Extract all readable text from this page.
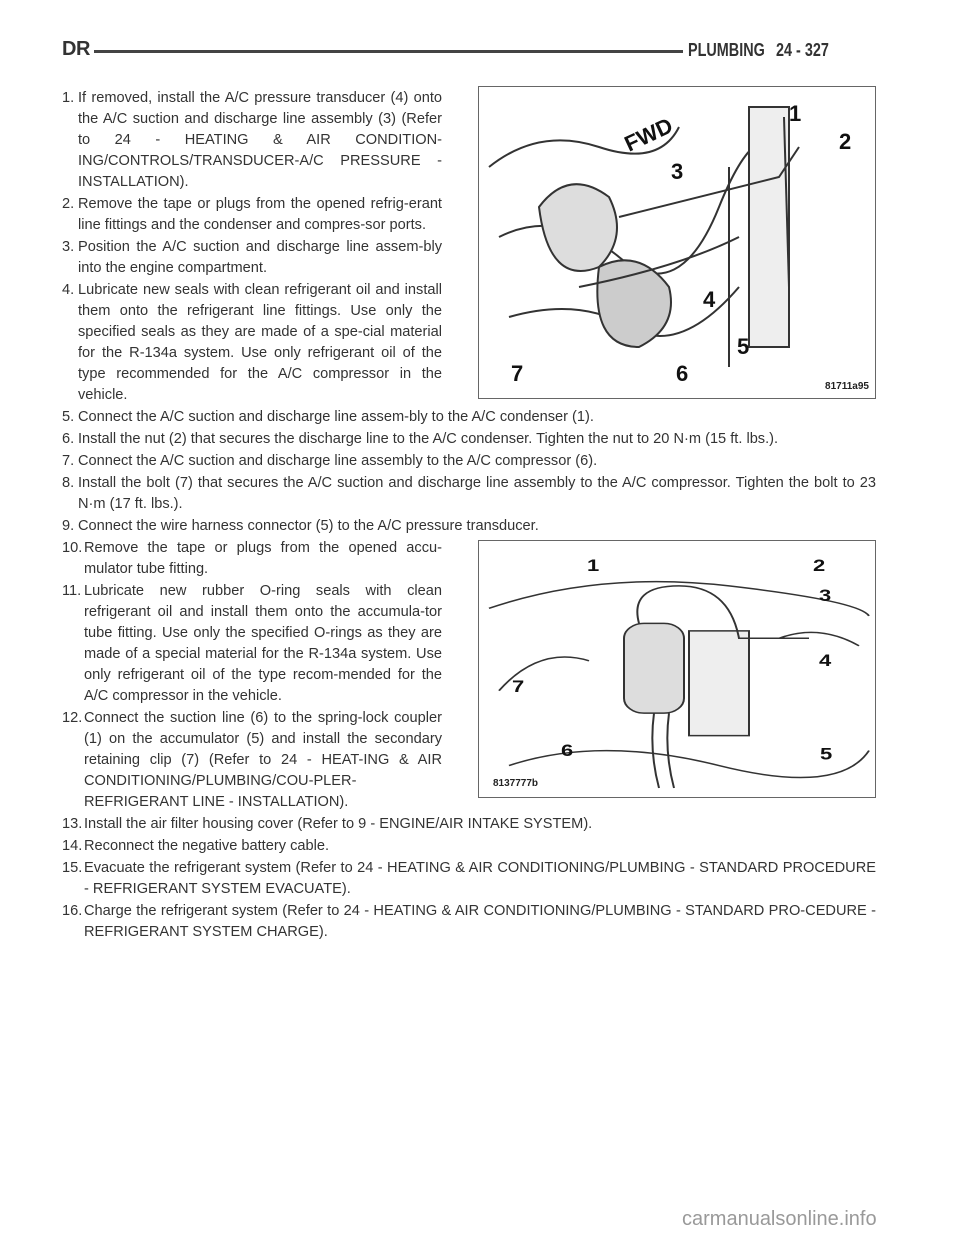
DR	PLUMBING 24 - 327
FWD	1
2
3
4
5
6
7
81711a95
1. If removed, install the A/C pressure transducer (4) onto the A/C suction and discharge line assembly (3) (Refer to 24 - HEATING & AIR CONDITION-ING/CONTROLS/TRANSDUCER-A/C PRESSURE - INSTALLATION).
2. Remove the tape or plugs from the opened refrig-erant line fittings and the condenser and compres-sor ports.
3. Position the A/C suction and discharge line assem-bly into the engine compartment.
4. Lubricate new seals with clean refrigerant oil and install them onto the refrigerant line fittings. Use only the specified seals as they are made of a spe-cial material for the R-134a system. Use only refrigerant oil of the type recommended for the A/C compressor in the vehicle.
5. Connect the A/C suction and discharge line assem-bly to the A/C condenser (1).
6. Install the nut (2) that secures the discharge line to the A/C condenser. Tighten the nut to 20 N·m (15 ft. lbs.).
7. Connect the A/C suction and discharge line assembly to the A/C compressor (6).
8. Install the bolt (7) that secures the A/C suction and discharge line assembly to the A/C compressor. Tighten the bolt to 23 N·m (17 ft. lbs.).
9. Connect the wire harness connector (5) to the A/C pressure transducer.
1	2
3
4
5
6
7
8137777b
10. Remove the tape or plugs from the opened accu-mulator tube fitting.
11. Lubricate new rubber O-ring seals with clean refrigerant oil and install them onto the accumula-tor tube fitting. Use only the specified O-rings as they are made of a special material for the R-134a system. Use only refrigerant oil of the type recom-mended for the A/C compressor in the vehicle.
12. Connect the suction line (6) to the spring-lock coupler (1) on the accumulator (5) and install the secondary retaining clip (7) (Refer to 24 - HEAT-ING & AIR CONDITIONING/PLUMBING/COU-PLER-REFRIGERANT LINE - INSTALLATION).
13. Install the air filter housing cover (Refer to 9 - ENGINE/AIR INTAKE SYSTEM).
14. Reconnect the negative battery cable.
15. Evacuate the refrigerant system (Refer to 24 - HEATING & AIR CONDITIONING/PLUMBING - STANDARD PROCEDURE - REFRIGERANT SYSTEM EVACUATE).
16. Charge the refrigerant system (Refer to 24 - HEATING & AIR CONDITIONING/PLUMBING - STANDARD PRO-CEDURE - REFRIGERANT SYSTEM CHARGE).
carmanualsonline.info
